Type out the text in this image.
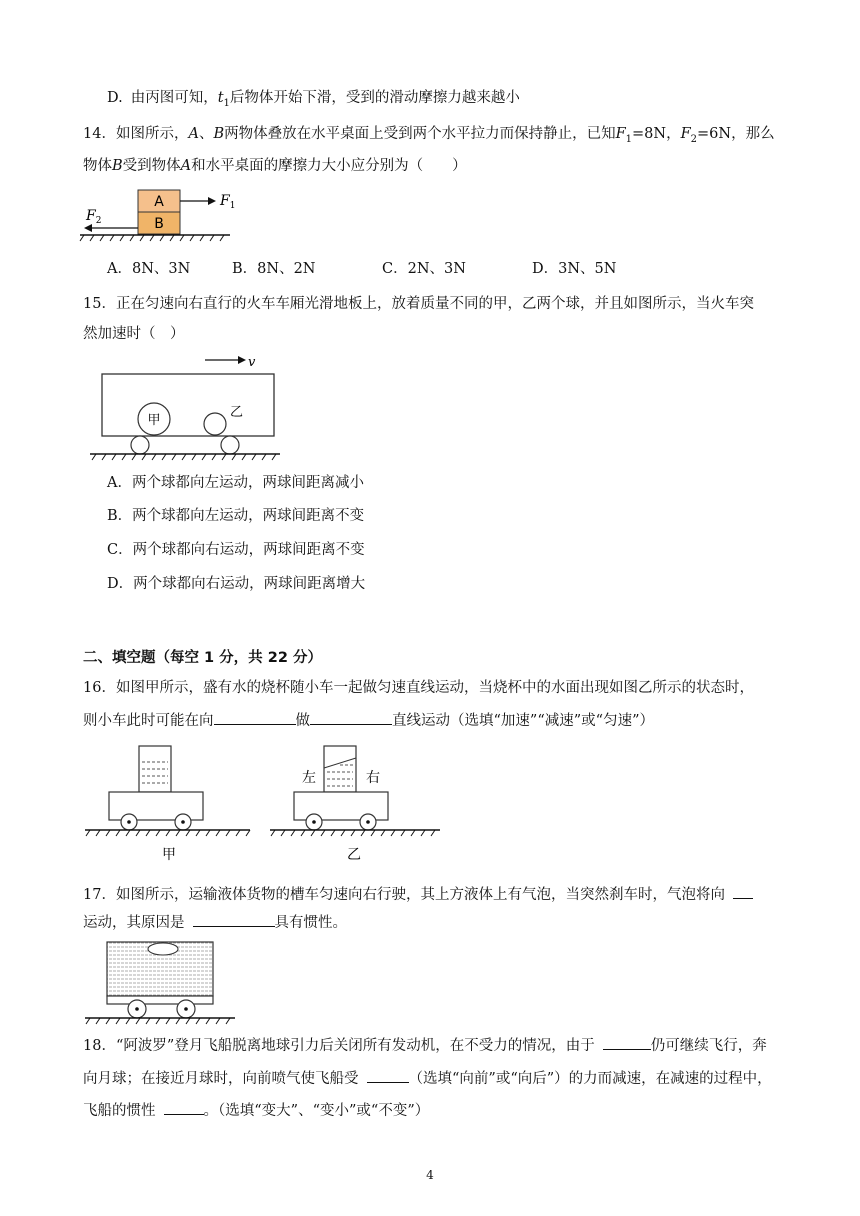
D. 由丙图可知，$t_1$后物体开始下滑，受到的滑动摩擦力越来越小
14．如图所示，A、B两物体叠放在水平桌面上受到两个水平拉力而保持静止，已知$F_1=8N$，$F_2=6N$，那么
物体B受到物体A和水平桌面的摩擦力大小应分别为（　　）
A
B
$F_1$
$F_2$
A．8N、3N	B．8N、2N	C．2N、3N	D．3N、5N
15．正在匀速向右直行的火车车厢光滑地板上，放着质量不同的甲，乙两个球，并且如图所示，当火车突
然加速时（　）
v
甲
乙
A．两个球都向左运动，两球间距离减小
B．两个球都向左运动，两球间距离不变
C．两个球都向右运动，两球间距离不变
D．两个球都向右运动，两球间距离增大
二、填空题（每空 1 分，共 22 分）
16．如图甲所示，盛有水的烧杯随小车一起做匀速直线运动，当烧杯中的水面出现如图乙所示的状态时，
则小车此时可能在向	做	直线运动（选填“加速”“减速”或“匀速”）
甲
左	右
乙
17．如图所示，运输液体货物的槽车匀速向右行驶，其上方液体上有气泡，当突然刹车时，气泡将向
运动，其原因是	具有惯性。
18．“阿波罗”登月飞船脱离地球引力后关闭所有发动机，在不受力的情况，由于	仍可继续飞行，奔
向月球；在接近月球时，向前喷气使飞船受	（选填“向前”或“向后”）的力而减速，在减速的过程中，
飞船的惯性	。（选填“变大”、“变小”或“不变”）
4
